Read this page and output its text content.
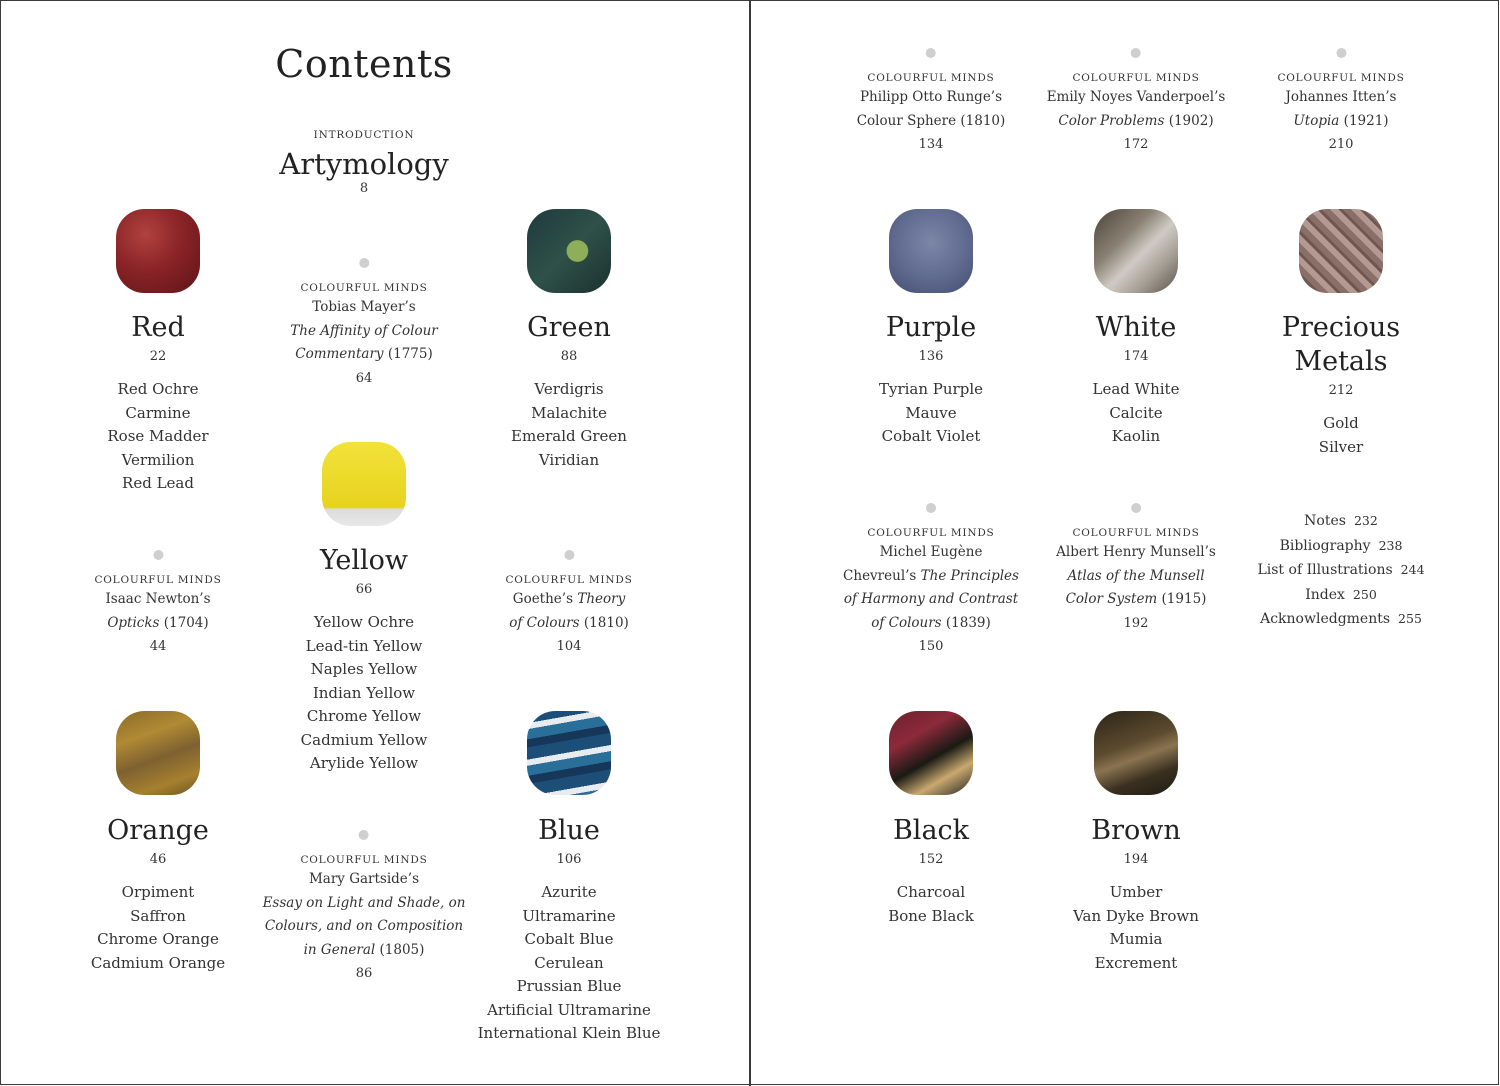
Contents
INTRODUCTION
Artymology
8
Red
22
Red Ochre
Carmine
Rose Madder
Vermilion
Red Lead
COLOURFUL MINDS
Tobias Mayer’s
The Affinity of Colour
Commentary (1775)
64
Green
88
Verdigris
Malachite
Emerald Green
Viridian
Yellow
66
Yellow Ochre
Lead-tin Yellow
Naples Yellow
Indian Yellow
Chrome Yellow
Cadmium Yellow
Arylide Yellow
COLOURFUL MINDS
Isaac Newton’s
Opticks (1704)
44
COLOURFUL MINDS
Goethe’s Theory
of Colours (1810)
104
Orange
46
Orpiment
Saffron
Chrome Orange
Cadmium Orange
COLOURFUL MINDS
Mary Gartside’s
Essay on Light and Shade, on
Colours, and on Composition
in General (1805)
86
Blue
106
Azurite
Ultramarine
Cobalt Blue
Cerulean
Prussian Blue
Artificial Ultramarine
International Klein Blue
COLOURFUL MINDS
Philipp Otto Runge’s
Colour Sphere (1810)
134
COLOURFUL MINDS
Emily Noyes Vanderpoel’s
Color Problems (1902)
172
COLOURFUL MINDS
Johannes Itten’s
Utopia (1921)
210
Purple
136
Tyrian Purple
Mauve
Cobalt Violet
White
174
Lead White
Calcite
Kaolin
Precious
Metals
212
Gold
Silver
COLOURFUL MINDS
Michel Eugène
Chevreul’s The Principles
of Harmony and Contrast
of Colours (1839)
150
COLOURFUL MINDS
Albert Henry Munsell’s
Atlas of the Munsell
Color System (1915)
192
Notes 232
Bibliography 238
List of Illustrations 244
Index 250
Acknowledgments 255
Black
152
Charcoal
Bone Black
Brown
194
Umber
Van Dyke Brown
Mumia
Excrement
